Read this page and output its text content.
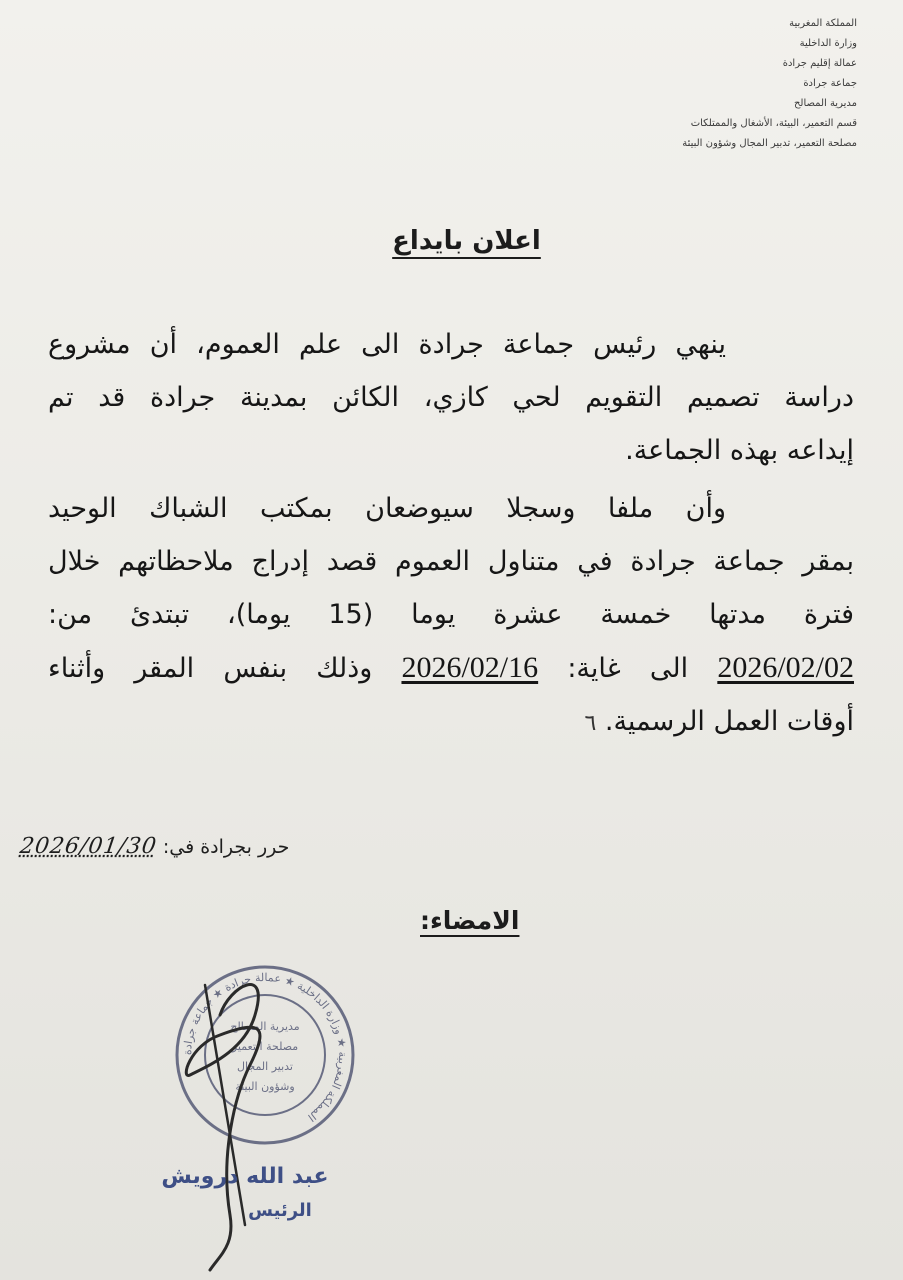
المملكة المغربية
وزارة الداخلية
عمالة إقليم جرادة
جماعة جرادة
مديرية المصالح
قسم التعمير، البيئة، الأشغال والممتلكات
مصلحة التعمير، تدبير المجال وشؤون البيئة
اعلان بايداع
ينهي رئيس جماعة جرادة الى علم العموم، أن مشروع
دراسة تصميم التقويم لحي كازي، الكائن بمدينة جرادة قد تم
إيداعه بهذه الجماعة.
وأن ملفا وسجلا سيوضعان بمكتب الشباك الوحيد
بمقر جماعة جرادة في متناول العموم قصد إدراج ملاحظاتهم خلال
فترة مدتها خمسة عشرة يوما (15 يوما)، تبتدئ من:
2026/02/02 الى غاية: 2026/02/16 وذلك بنفس المقر وأثناء
أوقات العمل الرسمية. ٦
حرر بجرادة في: 2026/01/30
الامضاء:
المملكة المغربية ★ وزارة الداخلية ★ عمالة جرادة ★ جماعة جرادة
مديرية المصالح
مصلحة التعمير
تدبير المجال
وشؤون البيئة
عبد الله درويش
الرئيس
